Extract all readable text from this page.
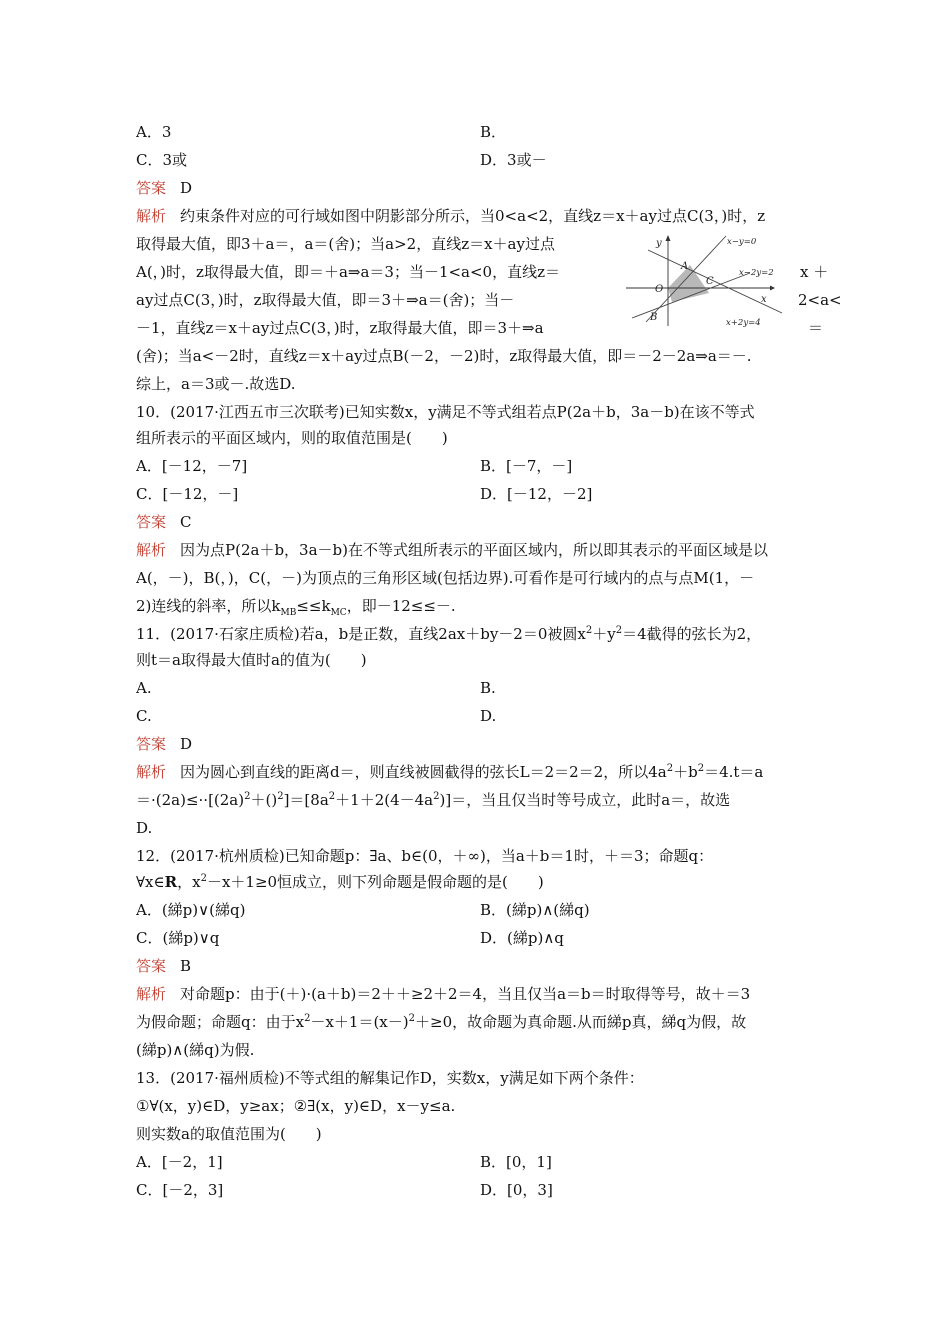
A．3	B．
C．3或	D．3或－
答案 D
解析 约束条件对应的可行域如图中阴影部分所示，当0<a<2，直线z＝x＋ay过点C(3，)时，z
取得最大值，即3＋a＝，a＝(舍)；当a>2，直线z＝x＋ay过点
A(，)时，z取得最大值，即＝＋a⇒a＝3；当－1<a<0，直线z＝
ay过点C(3，)时，z取得最大值，即＝3＋⇒a＝(舍)；当－
－1，直线z＝x＋ay过点C(3，)时，z取得最大值，即＝3＋⇒a
x ＋
2<a<
＝
y
x
O
A
B
C
x−y=0
x−2y=2
x+2y=4
(舍)；当a<－2时，直线z＝x＋ay过点B(－2，－2)时，z取得最大值，即＝－2－2a⇒a＝－.
综上，a＝3或－.故选D.
10．(2017·江西五市三次联考)已知实数x，y满足不等式组若点P(2a＋b，3a－b)在该不等式
组所表示的平面区域内，则的取值范围是(　　)
A．[－12，－7]	B．[－7，－]
C．[－12，－]	D．[－12，－2]
答案 C
解析 因为点P(2a＋b，3a－b)在不等式组所表示的平面区域内，所以即其表示的平面区域是以
A(，－)，B(，)，C(，－)为顶点的三角形区域(包括边界).可看作是可行域内的点与点M(1，－
2)连线的斜率，所以$k_{MB}\le\le k_{MC}$，即－12≤≤－.
11．(2017·石家庄质检)若a，b是正数，直线2ax＋by－2＝0被圆$x^2+y^2=4$截得的弦长为2，
则t＝a取得最大值时a的值为(　　)
A.	B.
C.	D.
答案 D
解析 因为圆心到直线的距离d＝，则直线被圆截得的弦长L＝2＝2＝2，所以$4a^2+b^2=4.t=a$
$=\cdot(2a)\le\cdot\cdot[(2a)^2+()^2]=[8a^2+1+2(4-4a^2)]=$，当且仅当时等号成立，此时a＝，故选
D.
12．(2017·杭州质检)已知命题p：∃a、b∈(0，＋∞)，当a＋b＝1时，＋＝3；命题q：
∀x∈R，$x^2-x+1\ge 0$恒成立，则下列命题是假命题的是(　　)
A．(綈p)∨(綈q)	B．(綈p)∧(綈q)
C．(綈p)∨q	D．(綈p)∧q
答案 B
解析 对命题p：由于(＋)·(a＋b)＝2＋＋≥2＋2＝4，当且仅当a＝b＝时取得等号，故＋＝3
为假命题；命题q：由于$x^2-x+1=(x-)^2+\ge 0$，故命题为真命题.从而綈p真，綈q为假，故
(綈p)∧(綈q)为假.
13．(2017·福州质检)不等式组的解集记作D，实数x，y满足如下两个条件：
①∀(x，y)∈D，y≥ax；②∃(x，y)∈D，x－y≤a.
则实数a的取值范围为(　　)
A．[－2，1]	B．[0，1]
C．[－2，3]	D．[0，3]
